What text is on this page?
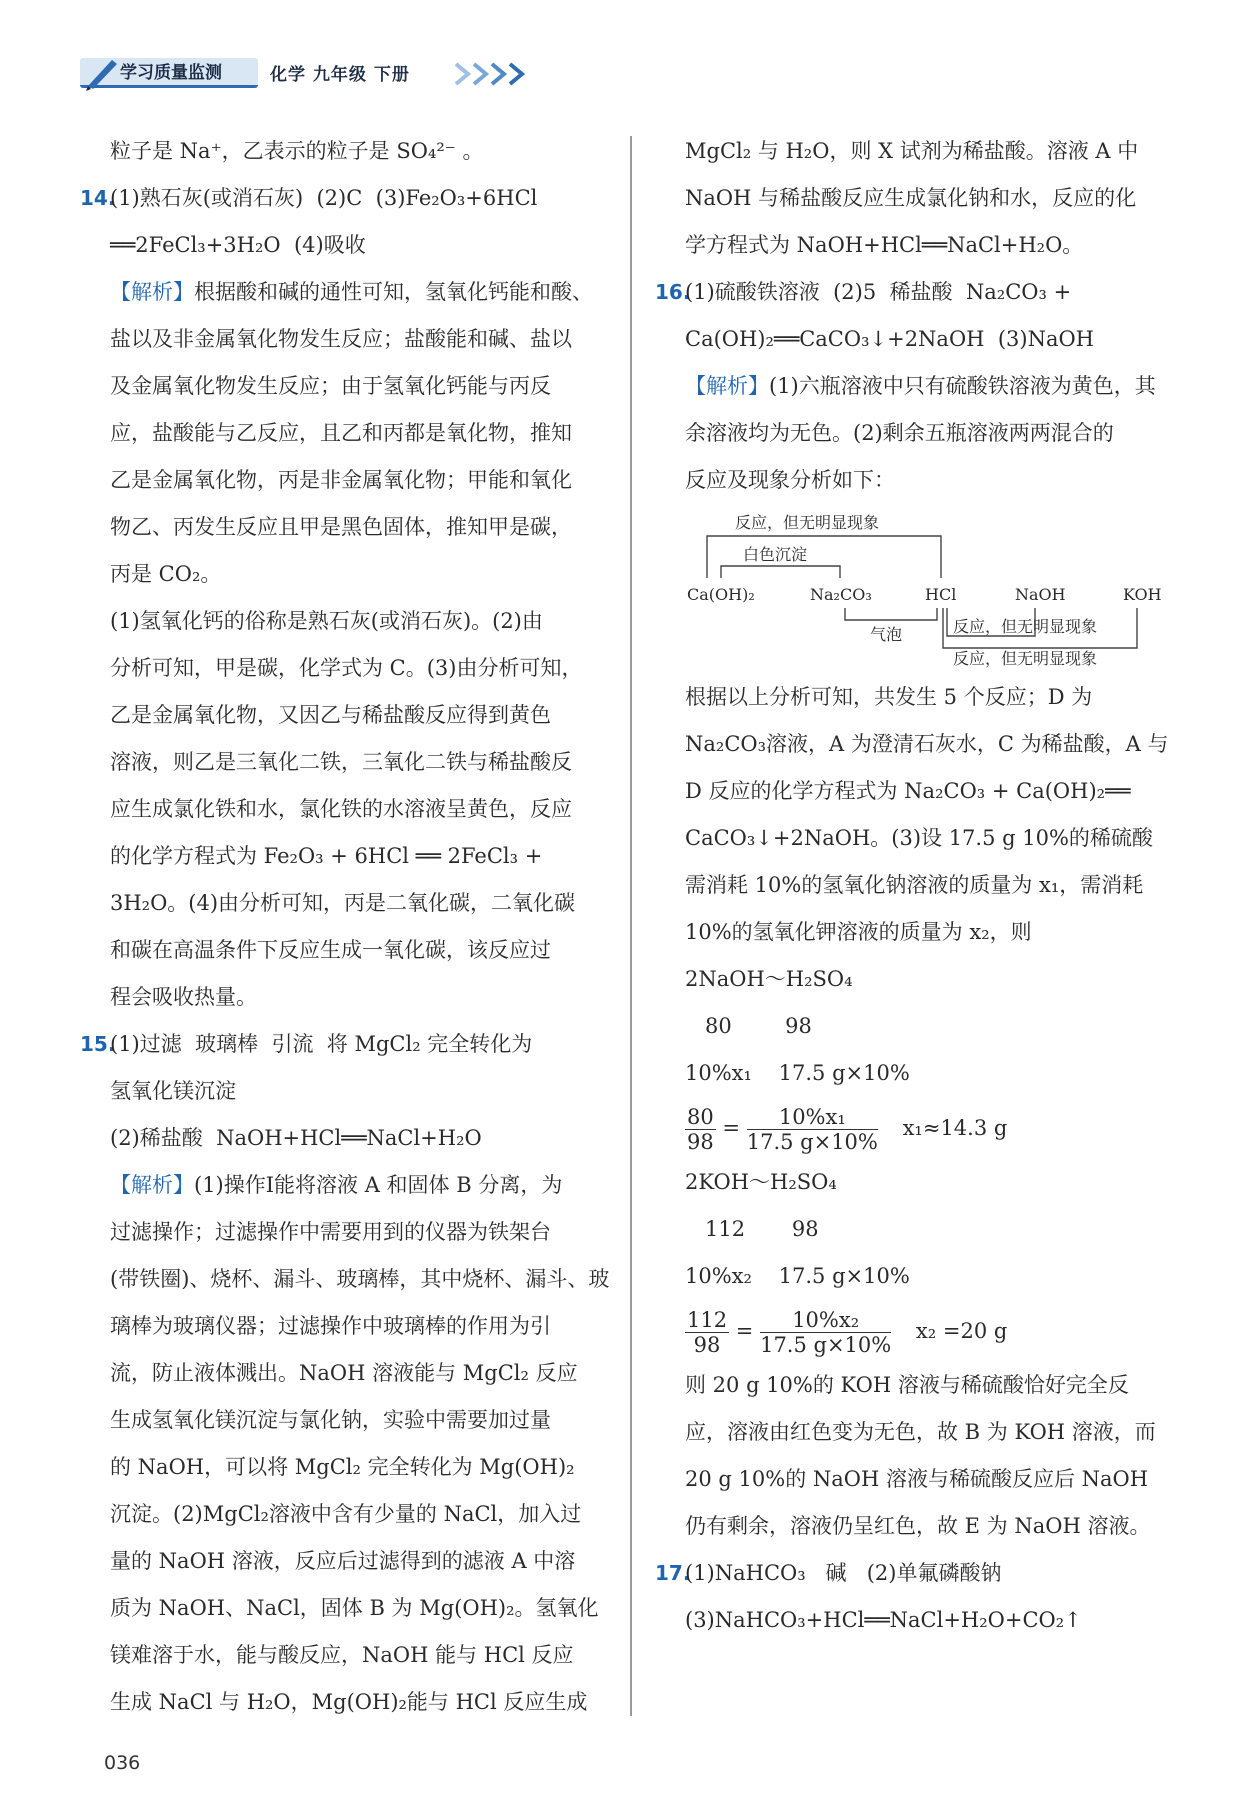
学习质量监测	化学 九年级 下册
粒子是 Na⁺，乙表示的粒子是 SO₄²⁻ 。
14.(1)熟石灰(或消石灰)  (2)C  (3)Fe₂O₃+6HCl
══2FeCl₃+3H₂O  (4)吸收
【解析】根据酸和碱的通性可知，氢氧化钙能和酸、
盐以及非金属氧化物发生反应；盐酸能和碱、盐以
及金属氧化物发生反应；由于氢氧化钙能与丙反
应，盐酸能与乙反应，且乙和丙都是氧化物，推知
乙是金属氧化物，丙是非金属氧化物；甲能和氧化
物乙、丙发生反应且甲是黑色固体，推知甲是碳，
丙是 CO₂。
(1)氢氧化钙的俗称是熟石灰(或消石灰)。(2)由
分析可知，甲是碳，化学式为 C。(3)由分析可知，
乙是金属氧化物，又因乙与稀盐酸反应得到黄色
溶液，则乙是三氧化二铁，三氧化二铁与稀盐酸反
应生成氯化铁和水，氯化铁的水溶液呈黄色，反应
的化学方程式为 Fe₂O₃ + 6HCl ══ 2FeCl₃ +
3H₂O。(4)由分析可知，丙是二氧化碳，二氧化碳
和碳在高温条件下反应生成一氧化碳，该反应过
程会吸收热量。
15.(1)过滤  玻璃棒  引流  将 MgCl₂ 完全转化为
氢氧化镁沉淀
(2)稀盐酸  NaOH+HCl══NaCl+H₂O
【解析】(1)操作Ⅰ能将溶液 A 和固体 B 分离，为
过滤操作；过滤操作中需要用到的仪器为铁架台
(带铁圈)、烧杯、漏斗、玻璃棒，其中烧杯、漏斗、玻
璃棒为玻璃仪器；过滤操作中玻璃棒的作用为引
流，防止液体溅出。NaOH 溶液能与 MgCl₂ 反应
生成氢氧化镁沉淀与氯化钠，实验中需要加过量
的 NaOH，可以将 MgCl₂ 完全转化为 Mg(OH)₂
沉淀。(2)MgCl₂溶液中含有少量的 NaCl，加入过
量的 NaOH 溶液，反应后过滤得到的滤液 A 中溶
质为 NaOH、NaCl，固体 B 为 Mg(OH)₂。氢氧化
镁难溶于水，能与酸反应，NaOH 能与 HCl 反应
生成 NaCl 与 H₂O，Mg(OH)₂能与 HCl 反应生成
MgCl₂ 与 H₂O，则 X 试剂为稀盐酸。溶液 A 中
NaOH 与稀盐酸反应生成氯化钠和水，反应的化
学方程式为 NaOH+HCl══NaCl+H₂O。
16.(1)硫酸铁溶液  (2)5  稀盐酸  Na₂CO₃ +
Ca(OH)₂══CaCO₃↓+2NaOH  (3)NaOH
【解析】(1)六瓶溶液中只有硫酸铁溶液为黄色，其
余溶液均为无色。(2)剩余五瓶溶液两两混合的
反应及现象分析如下：
反应，但无明显现象
白色沉淀
Ca(OH)₂	Na₂CO₃	HCl	NaOH	KOH
气泡	反应，但无明显现象
反应，但无明显现象
根据以上分析可知，共发生 5 个反应；D 为
Na₂CO₃溶液，A 为澄清石灰水，C 为稀盐酸，A 与
D 反应的化学方程式为 Na₂CO₃ + Ca(OH)₂══
CaCO₃↓+2NaOH。(3)设 17.5 g 10%的稀硫酸
需消耗 10%的氢氧化钠溶液的质量为 x₁，需消耗
10%的氢氧化钾溶液的质量为 x₂，则
2NaOH～H₂SO₄
80        98
10%x₁    17.5 g×10%
$\frac{80}{98} = \frac{\text{10\%x₁}}{17.5 g\times 10\%} x_1\approx 14.3$ g
2KOH～H₂SO₄
112       98
10%x₂    17.5 g×10%
$\frac{112}{98} = \frac{\text{10\%x₂}}{17.5 g\times 10\%} x_2 =20$ g
则 20 g 10%的 KOH 溶液与稀硫酸恰好完全反
应，溶液由红色变为无色，故 B 为 KOH 溶液，而
20 g 10%的 NaOH 溶液与稀硫酸反应后 NaOH
仍有剩余，溶液仍呈红色，故 E 为 NaOH 溶液。
17.(1)NaHCO₃   碱   (2)单氟磷酸钠
(3)NaHCO₃+HCl══NaCl+H₂O+CO₂↑
036
